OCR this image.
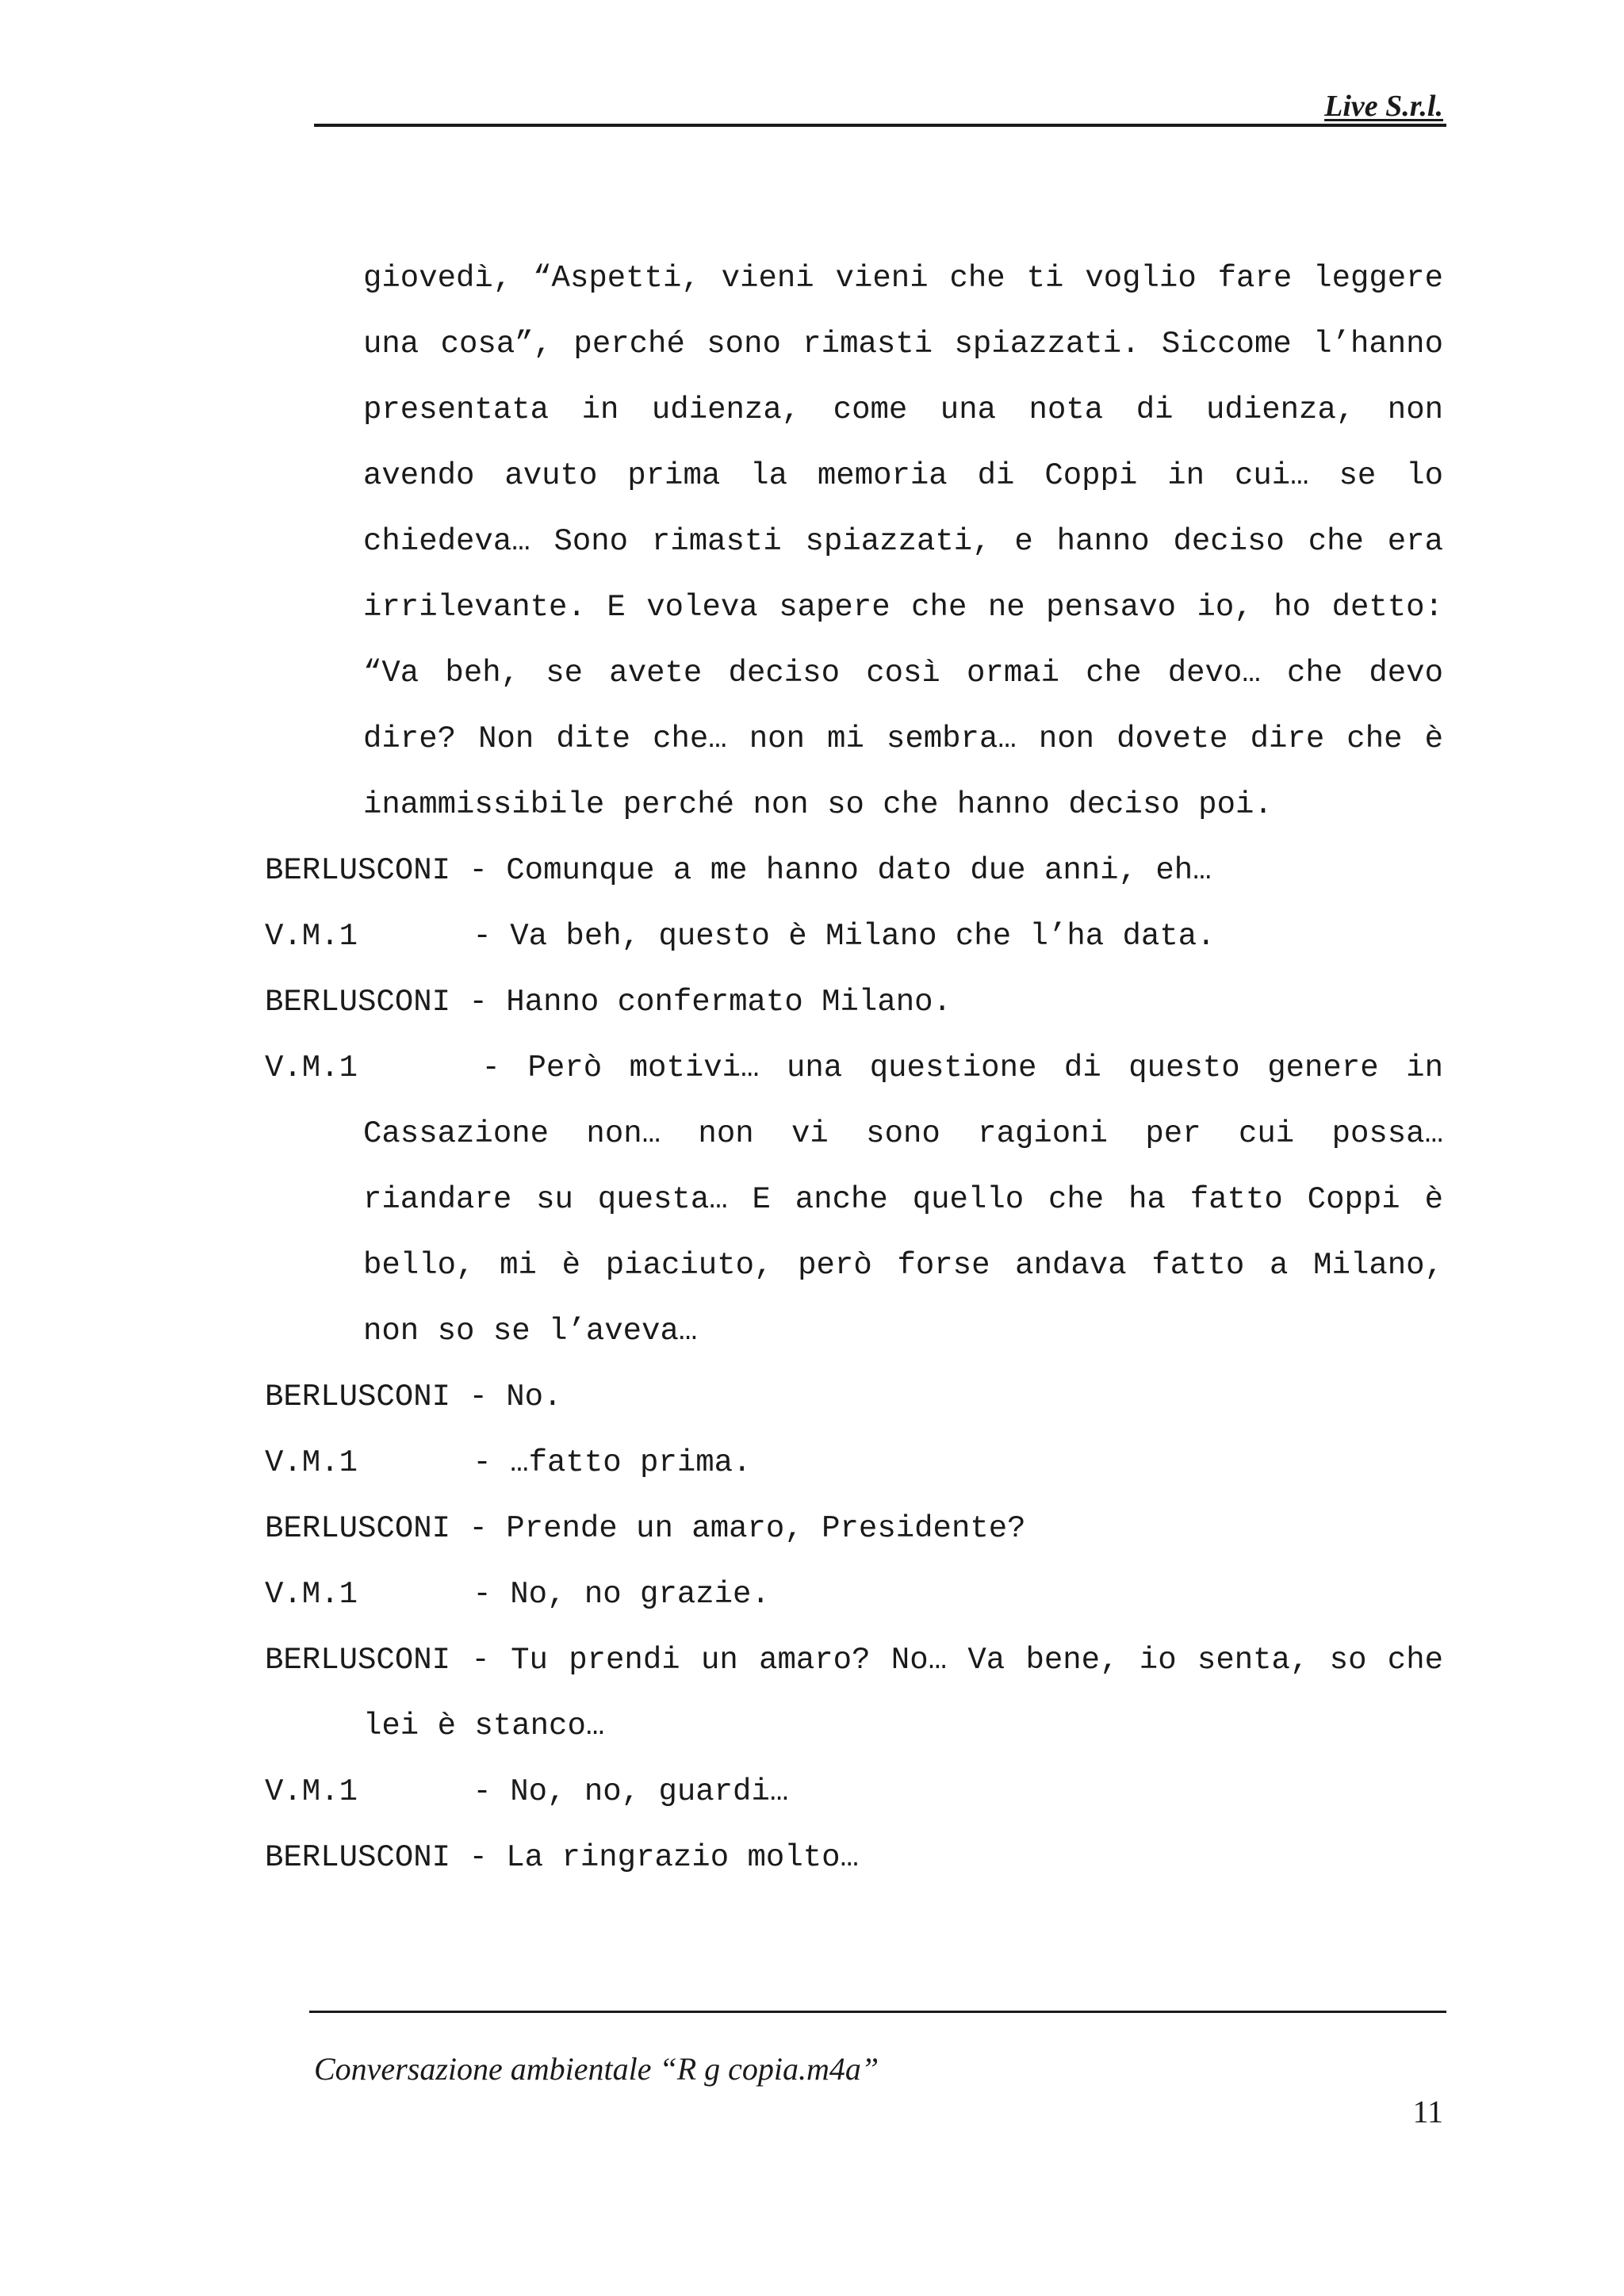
Live S.r.l.

giovedì, “Aspetti, vieni vieni che ti voglio fare leggere una cosa”, perché sono rimasti spiazzati. Siccome l’hanno presentata in udienza, come una nota di udienza, non avendo avuto prima la memoria di Coppi in cui… se lo chiedeva… Sono rimasti spiazzati, e hanno deciso che era irrilevante. E voleva sapere che ne pensavo io, ho detto: “Va beh, se avete deciso così ormai che devo… che devo dire? Non dite che… non mi sembra… non dovete dire che è inammissibile perché non so che hanno deciso poi.

BERLUSCONI - Comunque a me hanno dato due anni, eh…

V.M.1	- Va beh, questo è Milano che l’ha data.

BERLUSCONI - Hanno confermato Milano.

V.M.1	- Però motivi… una questione di questo genere in Cassazione non… non vi sono ragioni per cui possa… riandare su questa… E anche quello che ha fatto Coppi è bello, mi è piaciuto, però forse andava fatto a Milano, non so se l’aveva…

BERLUSCONI - No.

V.M.1	- …fatto prima.

BERLUSCONI - Prende un amaro, Presidente?

V.M.1	- No, no grazie.

BERLUSCONI - Tu prendi un amaro? No… Va bene, io senta, so che lei è stanco…

V.M.1	- No, no, guardi…

BERLUSCONI - La ringrazio molto…

Conversazione ambientale “R g copia.m4a”
11
